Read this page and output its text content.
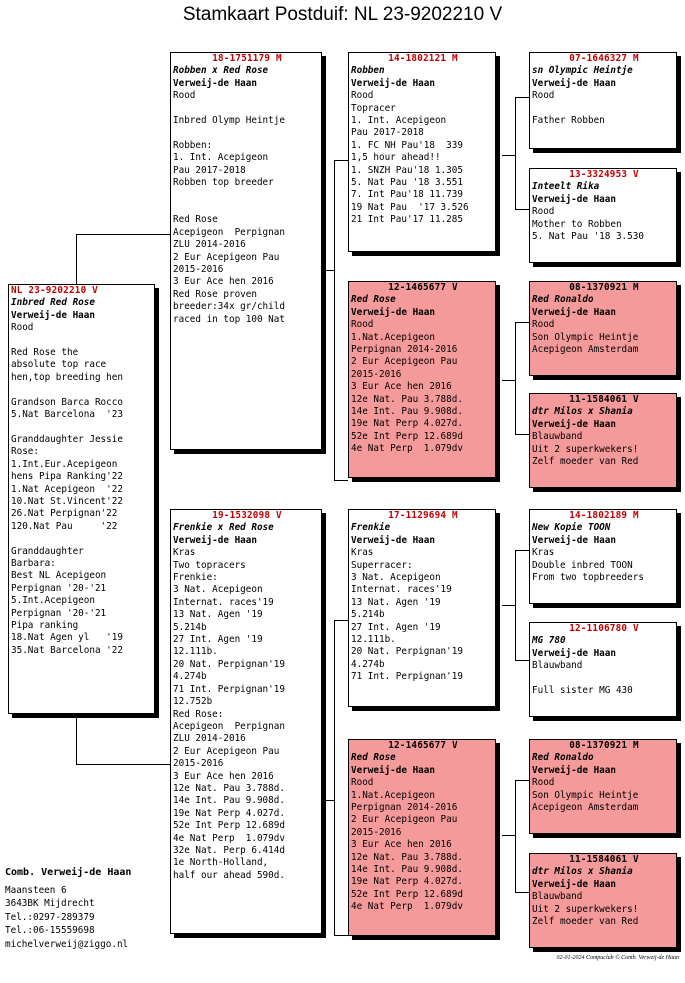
Stamkaart Postduif: NL 23-9202210 V
NL 23-9202210 V
Inbred Red Rose
Verweij-de Haan
Rood

Red Rose the
absolute top race
hen,top breeding hen

Grandson Barca Rocco
5.Nat Barcelona  '23

Granddaughter Jessie
Rose:
1.Int.Eur.Acepigeon
hens Pipa Ranking'22
1.Nat Acepigeon  '22
10.Nat St.Vincent'22
26.Nat Perpignan'22
120.Nat Pau     '22

Granddaughter
Barbara:
Best NL Acepigeon
Perpignan '20-'21
5.Int.Acepigeon
Perpignan '20-'21
Pipa ranking
18.Nat Agen yl   '19
35.Nat Barcelona '22
18-1751179 M
Robben x Red Rose
Verweij-de Haan
Rood

Inbred Olymp Heintje

Robben:
1. Int. Acepigeon
Pau 2017-2018
Robben top breeder

Red Rose
Acepigeon  Perpignan
ZLU 2014-2016
2 Eur Acepigeon Pau
2015-2016
3 Eur Ace hen 2016
Red Rose proven
breeder:34x gr/child
raced in top 100 Nat
19-1532098 V
Frenkie x Red Rose
Verweij-de Haan
Kras
Two topracers
Frenkie:
3 Nat. Acepigeon
Internat. races'19
13 Nat. Agen '19
5.214b
27 Int. Agen '19
12.111b.
20 Nat. Perpignan'19
4.274b
71 Int. Perpignan'19
12.752b
Red Rose:
Acepigeon  Perpignan
ZLU 2014-2016
2 Eur Acepigeon Pau
2015-2016
3 Eur Ace hen 2016
12e Nat. Pau 3.788d.
14e Int. Pau 9.908d.
19e Nat Perp 4.027d.
52e Int Perp 12.689d
4e Nat Perp  1.079dv
32e Nat. Perp 6.414d
1e North-Holland,
half our ahead 590d.
14-1802121 M
Robben
Verweij-de Haan
Rood
Topracer
1. Int. Acepigeon
Pau 2017-2018
1. FC NH Pau'18  339
1,5 hour ahead!!
1. SNZH Pau'18 1.305
5. Nat Pau '18 3.551
7. Int Pau'18 11.739
19 Nat Pau  '17 3.526
21 Int Pau'17 11.285
12-1465677 V
Red Rose
Verweij-de Haan
Rood
1.Nat.Acepigeon
Perpignan 2014-2016
2 Eur Acepigeon Pau
2015-2016
3 Eur Ace hen 2016
12e Nat. Pau 3.788d.
14e Int. Pau 9.908d.
19e Nat Perp 4.027d.
52e Int Perp 12.689d
4e Nat Perp  1.079dv
17-1129694 M
Frenkie
Verweij-de Haan
Kras
Superracer:
3 Nat. Acepigeon
Internat. races'19
13 Nat. Agen '19
5.214b
27 Int. Agen '19
12.111b.
20 Nat. Perpignan'19
4.274b
71 Int. Perpignan'19
12-1465677 V
Red Rose
Verweij-de Haan
Rood
1.Nat.Acepigeon
Perpignan 2014-2016
2 Eur Acepigeon Pau
2015-2016
3 Eur Ace hen 2016
12e Nat. Pau 3.788d.
14e Int. Pau 9.908d.
19e Nat Perp 4.027d.
52e Int Perp 12.689d
4e Nat Perp  1.079dv
07-1646327 M
sn Olympic Heintje
Verweij-de Haan
Rood

Father Robben
13-3324953 V
Inteelt Rika
Verweij-de Haan
Rood
Mother to Robben
5. Nat Pau '18 3.530
08-1370921 M
Red Ronaldo
Verweij-de Haan
Rood
Son Olympic Heintje
Acepigeon Amsterdam
11-1584061 V
dtr Milos x Shania
Verweij-de Haan
Blauwband
Uit 2 superkwekers!
Zelf moeder van Red
14-1802189 M
New Kopie TOON
Verweij-de Haan
Kras
Double inbred TOON
From two topbreeders
12-1106780 V
MG 780
Verweij-de Haan
Blauwband

Full sister MG 430
08-1370921 M
Red Ronaldo
Verweij-de Haan
Rood
Son Olympic Heintje
Acepigeon Amsterdam
11-1584061 V
dtr Milos x Shania
Verweij-de Haan
Blauwband
Uit 2 superkwekers!
Zelf moeder van Red
Comb. Verweij-de Haan
Maansteen 6
3643BK Mijdrecht
Tel.:0297-289379
Tel.:06-15559698
michelverweij@ziggo.nl
02-01-2024 Compuclub © Comb. Verweij-de Haan
